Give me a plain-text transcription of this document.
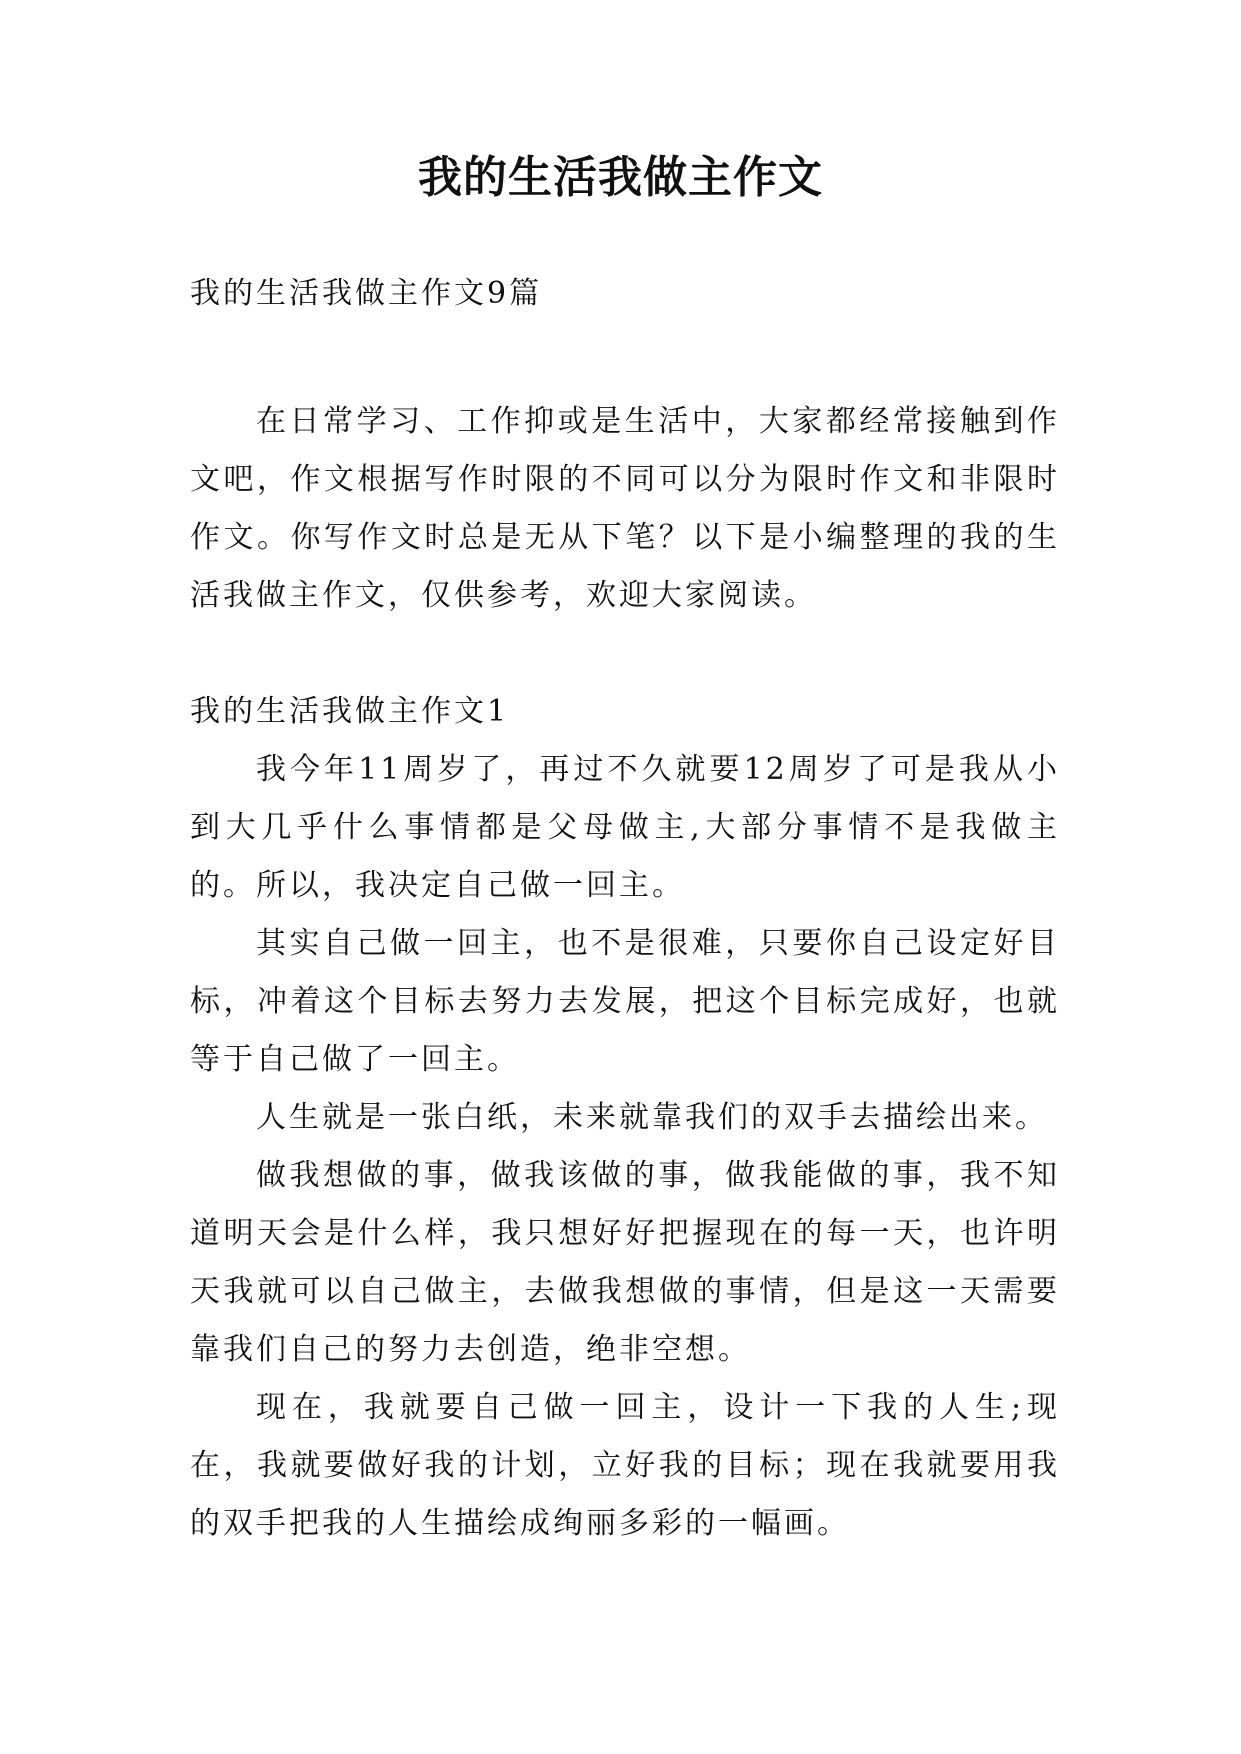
我的生活我做主作文

我的生活我做主作文9篇

在日常学习、工作抑或是生活中，大家都经常接触到作文吧，作文根据写作时限的不同可以分为限时作文和非限时作文。你写作文时总是无从下笔？以下是小编整理的我的生活我做主作文，仅供参考，欢迎大家阅读。

我的生活我做主作文1

我今年11周岁了，再过不久就要12周岁了可是我从小到大几乎什么事情都是父母做主,大部分事情不是我做主的。所以，我决定自己做一回主。

其实自己做一回主，也不是很难，只要你自己设定好目标，冲着这个目标去努力去发展，把这个目标完成好，也就等于自己做了一回主。

人生就是一张白纸，未来就靠我们的双手去描绘出来。

做我想做的事，做我该做的事，做我能做的事，我不知道明天会是什么样，我只想好好把握现在的每一天，也许明天我就可以自己做主，去做我想做的事情，但是这一天需要靠我们自己的努力去创造，绝非空想。

现在，我就要自己做一回主，设计一下我的人生;现在，我就要做好我的计划，立好我的目标；现在我就要用我的双手把我的人生描绘成绚丽多彩的一幅画。
